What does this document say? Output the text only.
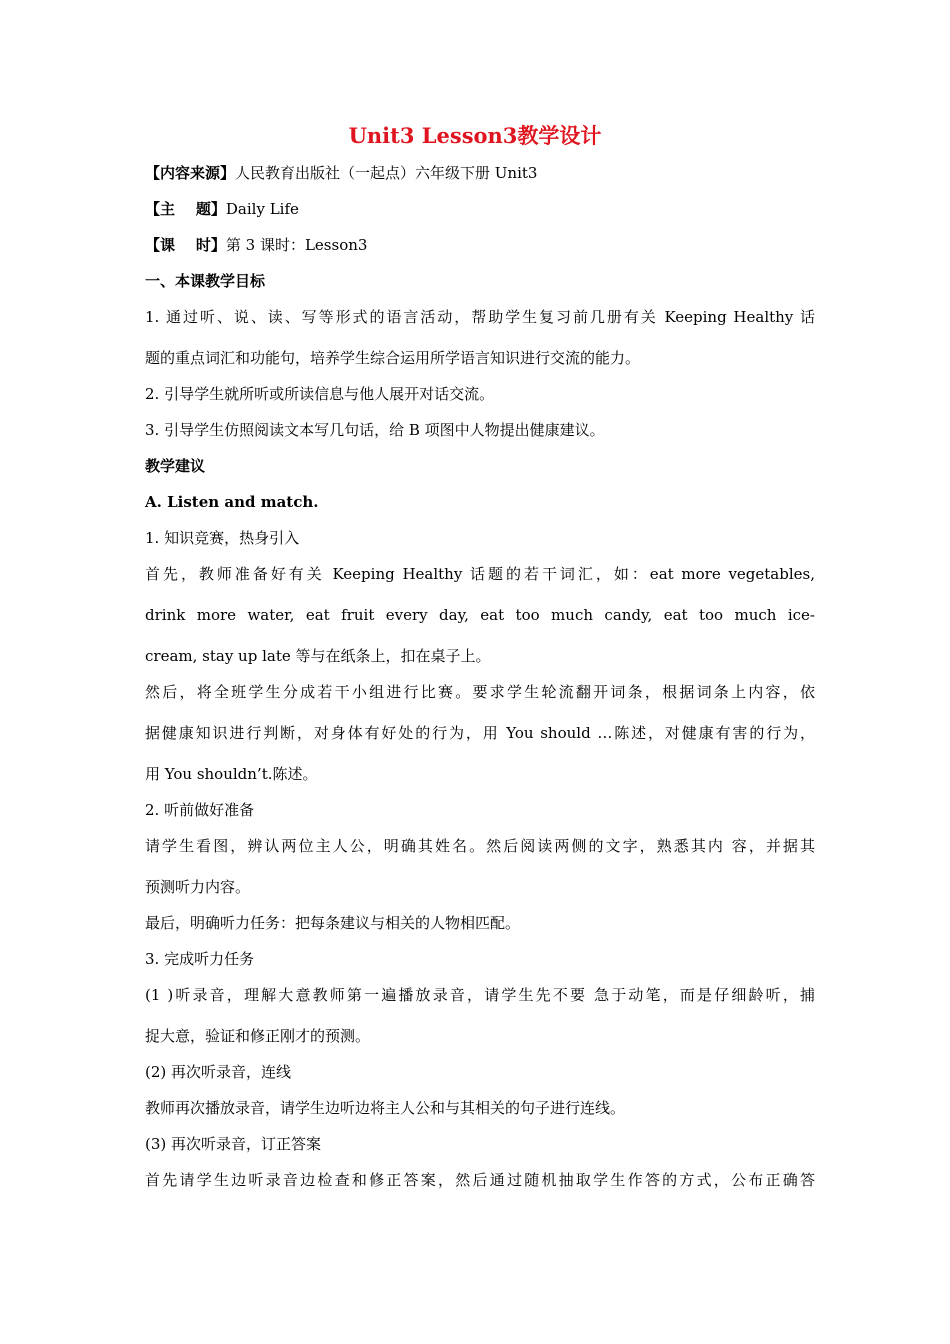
Unit3 Lesson3教学设计

【内容来源】人民教育出版社（一起点）六年级下册 Unit3

【主    题】Daily Life

【课    时】第 3 课时：Lesson3

一、本课教学目标

1. 通过听、说、读、写等形式的语言活动，帮助学生复习前几册有关 Keeping Healthy 话

题的重点词汇和功能句，培养学生综合运用所学语言知识进行交流的能力。

2. 引导学生就所听或所读信息与他人展开对话交流。

3. 引导学生仿照阅读文本写几句话，给 B 项图中人物提出健康建议。

教学建议

A. Listen and match.

1. 知识竞赛，热身引入

首先，教师准备好有关 Keeping Healthy 话题的若干词汇，如：eat more vegetables,

drink more water, eat fruit every day, eat too much candy, eat too much ice-

cream, stay up late 等与在纸条上，扣在桌子上。

然后，将全班学生分成若干小组进行比赛。要求学生轮流翻开词条，根据词条上内容，依

据健康知识进行判断，对身体有好处的行为，用 You should …陈述，对健康有害的行为，

用 You shouldn’t.陈述。

2. 听前做好准备

请学生看图，辨认两位主人公，明确其姓名。然后阅读两侧的文字，熟悉其内 容，并据其

预测听力内容。

最后，明确听力任务：把每条建议与相关的人物相匹配。

3. 完成听力任务

(1 )听录音，理解大意教师第一遍播放录音，请学生先不要 急于动笔，而是仔细龄听，捕

捉大意，验证和修正刚才的预测。

(2) 再次听录音，连线

教师再次播放录音，请学生边听边将主人公和与其相关的句子进行连线。

(3) 再次听录音，订正答案

首先请学生边听录音边检查和修正答案，然后通过随机抽取学生作答的方式，公布正确答
